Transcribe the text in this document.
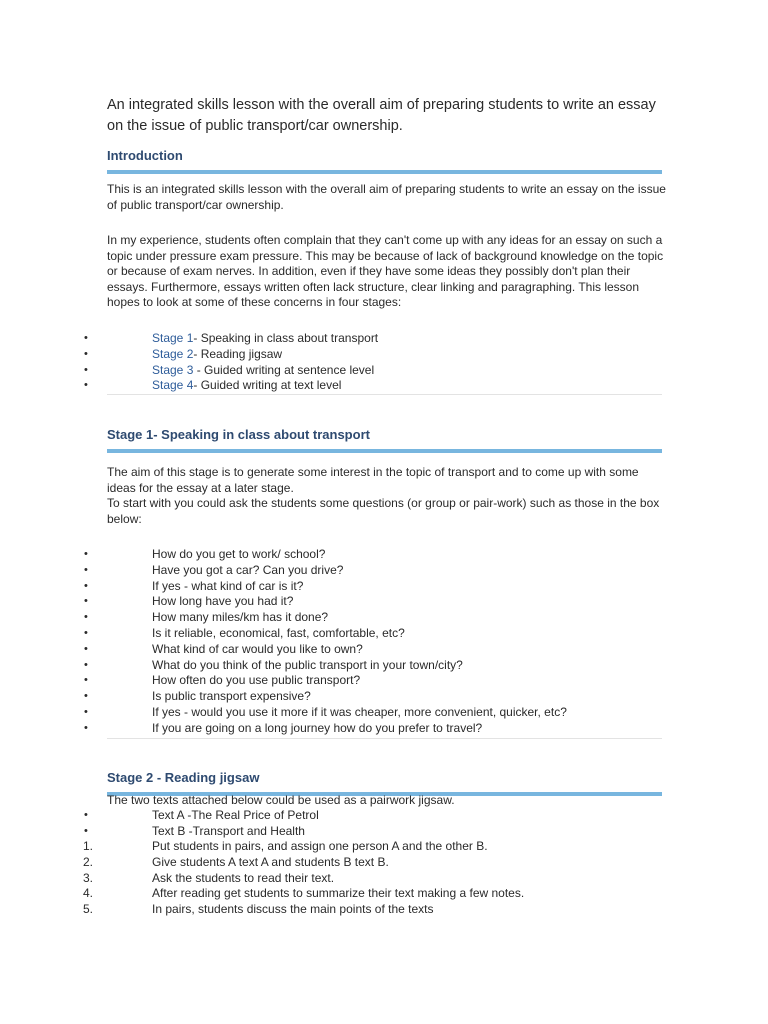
An integrated skills lesson with the overall aim of preparing students to write an essay on the issue of public transport/car ownership.

Introduction

This is an integrated skills lesson with the overall aim of preparing students to write an essay on the issue of public transport/car ownership.

In my experience, students often complain that they can't come up with any ideas for an essay on such a topic under pressure exam pressure. This may be because of lack of background knowledge on the topic or because of exam nerves. In addition, even if they have some ideas they possibly don't plan their essays. Furthermore, essays written often lack structure, clear linking and paragraphing. This lesson hopes to look at some of these concerns in four stages:

•	Stage 1- Speaking in class about transport
•	Stage 2- Reading jigsaw
•	Stage 3 - Guided writing at sentence level
•	Stage 4- Guided writing at text level
Stage 1- Speaking in class about transport

The aim of this stage is to generate some interest in the topic of transport and to come up with some ideas for the essay at a later stage.
To start with you could ask the students some questions (or group or pair-work) such as those in the box below:

•	How do you get to work/ school?
•	Have you got a car? Can you drive?
•	If yes - what kind of car is it?
•	How long have you had it?
•	How many miles/km has it done?
•	Is it reliable, economical, fast, comfortable, etc?
•	What kind of car would you like to own?
•	What do you think of the public transport in your town/city?
•	How often do you use public transport?
•	Is public transport expensive?
•	If yes - would you use it more if it was cheaper, more convenient, quicker, etc?
•	If you are going on a long journey how do you prefer to travel?
Stage 2 - Reading jigsaw

The two texts attached below could be used as a pairwork jigsaw.

•	Text A -The Real Price of Petrol
•	Text B -Transport and Health
1.	Put students in pairs, and assign one person A and the other B.
2.	Give students A text A and students B text B.
3.	Ask the students to read their text.
4.	After reading get students to summarize their text making a few notes.
5.	In pairs, students discuss the main points of the texts
